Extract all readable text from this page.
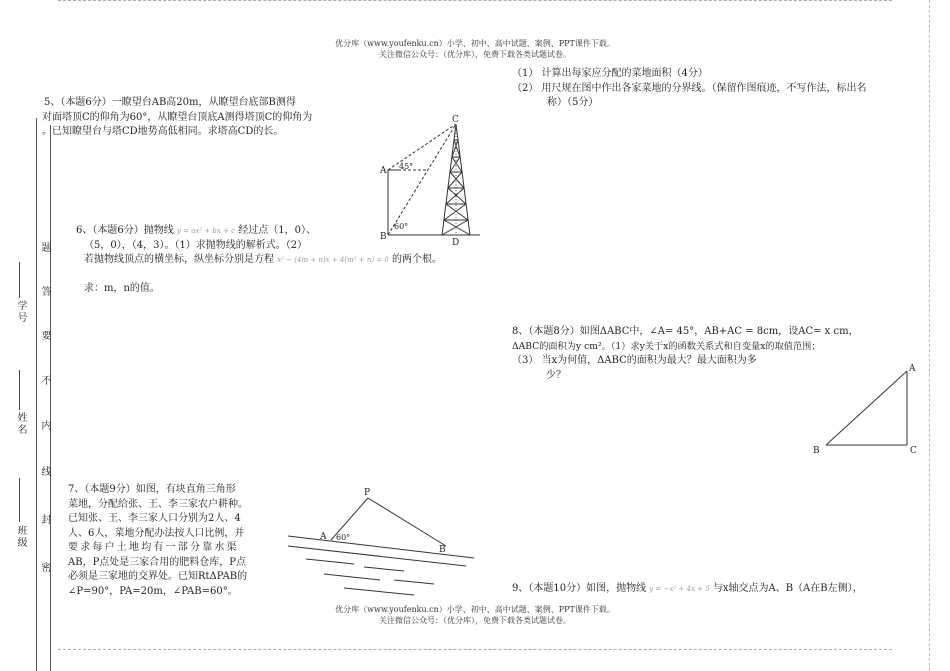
优分库（www.youfenku.cn）小学、初中、高中试题、案例、PPT课件下载。
关注微信公众号：（优分库），免费下载各类试题试卷。
优分库（www.youfenku.cn）小学、初中、高中试题、案例、PPT课件下载。
关注微信公众号：（优分库），免费下载各类试题试卷。
学号
姓名
班级
题
答
要
不
内
线
封
密
5、（本题6分）一瞭望台AB高20m，从瞭望台底部B测得
对面塔顶C的仰角为60°，从瞭望台顶底A测得塔顶C的仰角为
。已知瞭望台与塔CD地势高低相同。求塔高CD的长。
C
A
B
D
45°
60°
6、（本题6分）抛物线 y = ax² + bx + c 经过点（1，0）、
（5，0），（4，3）。（1）求抛物线的解析式。（2）
若抛物线顶点的横坐标，纵坐标分别是方程 x² − (4m + n)x + 4(m² + n) = 0 的两个根。
求：m，n的值。
7、（本题9分）如图，有块直角三角形
菜地，分配给张、王、李三家农户耕种。
已知张、王、李三家人口分别为2人、4
人、6人，菜地分配办法按人口比例，并
要求每户土地均有一部分靠水渠
AB，P点处是三家合用的肥料仓库，P点
必须是三家地的交界处。已知RtΔPAB的
∠P=90°，PA=20m，∠PAB=60°。
P
A
B
60°
（1） 计算出每家应分配的菜地面积（4分）
（2） 用尺规在图中作出各家菜地的分界线。（保留作图痕迹，不写作法，标出名
称）（5分）
8、（本题8分）如图ΔABC中，∠A= 45°，AB+AC = 8cm，设AC= x cm，
ΔABC的面积为y cm²。（1）求y关于x的函数关系式和自变量x的取值范围；
（3） 当x为何值，ΔABC的面积为最大？最大面积为多
少？
A
B	C
9、（本题10分）如图，抛物线 y = −x² + 4x + 5 与x轴交点为A、B（A在B左侧），
